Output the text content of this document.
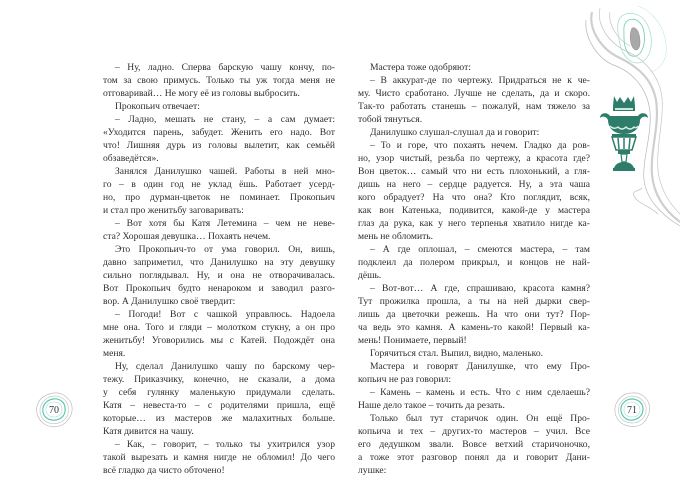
– Ну, ладно. Сперва барскую чашу кончу, по-
том за свою примусь. Только ты уж тогда меня не
отговаривай… Не могу её из головы выбросить.
Прокопьич отвечает:
– Ладно, мешать не стану, – а сам думает:
«Уходится парень, забудет. Женить его надо. Вот
что! Лишняя дурь из головы вылетит, как семьёй
обзаведётся».
Занялся Данилушко чашей. Работы в ней мно-
го – в один год не уклад ёшь. Работает усерд-
но, про дурман-цветок не поминает. Прокопьич
и стал про женитьбу заговаривать:
– Вот хотя бы Катя Летемина – чем не неве-
ста? Хорошая девушка… Похаять нечем.
Это Прокопьич-то от ума говорил. Он, вишь,
давно заприметил, что Данилушко на эту девушку
сильно поглядывал. Ну, и она не отворачивалась.
Вот Прокопьич будто ненароком и заводил разго-
вор. А Данилушко своё твердит:
– Погоди! Вот с чашкой управлюсь. Надоела
мне она. Того и гляди – молотком стукну, а он про
женитьбу! Уговорились мы с Катей. Подождёт она
меня.
Ну, сделал Данилушко чашу по барскому чер-
тежу. Приказчику, конечно, не сказали, а дома
у себя гулянку маленькую придумали сделать.
Катя – невеста-то – с родителями пришла, ещё
которые… из мастеров же малахитных больше.
Катя дивится на чашу.
– Как, – говорит, – только ты ухитрился узор
такой вырезать и камня нигде не обломил! До чего
всё гладко да чисто обточено!
70
Мастера тоже одобряют:
– В аккурат-де по чертежу. Придраться не к че-
му. Чисто сработано. Лучше не сделать, да и скоро.
Так-то работать станешь – пожалуй, нам тяжело за
тобой тянуться.
Данилушко слушал-слушал да и говорит:
– То и горе, что похаять нечем. Гладко да ров-
но, узор чистый, резьба по чертежу, а красота где?
Вон цветок… самый что ни есть плохонький, а гля-
дишь на него – сердце радуется. Ну, а эта чаша
кого обрадует? На что она? Кто поглядит, всяк,
как вон Катенька, подивится, какой-де у мастера
глаз да рука, как у него терпенья хватило нигде ка-
мень не обломить.
– А где оплошал, – смеются мастера, – там
подклеил да полером прикрыл, и концов не най-
дёшь.
– Вот-вот… А где, спрашиваю, красота камня?
Тут прожилка прошла, а ты на ней дырки свер-
лишь да цветочки режешь. На что они тут? Пор-
ча ведь это камня. А камень-то какой! Первый ка-
мень! Понимаете, первый!
Горячиться стал. Выпил, видно, маленько.
Мастера и говорят Данилушке, что ему Про-
копьич не раз говорил:
– Камень – камень и есть. Что с ним сделаешь?
Наше дело такое – точить да резать.
Только был тут старичок один. Он ещё Про-
копьича и тех – других-то мастеров – учил. Все
его дедушком звали. Вовсе ветхий старичоночко,
а тоже этот разговор понял да и говорит Дани-
лушке:
71
